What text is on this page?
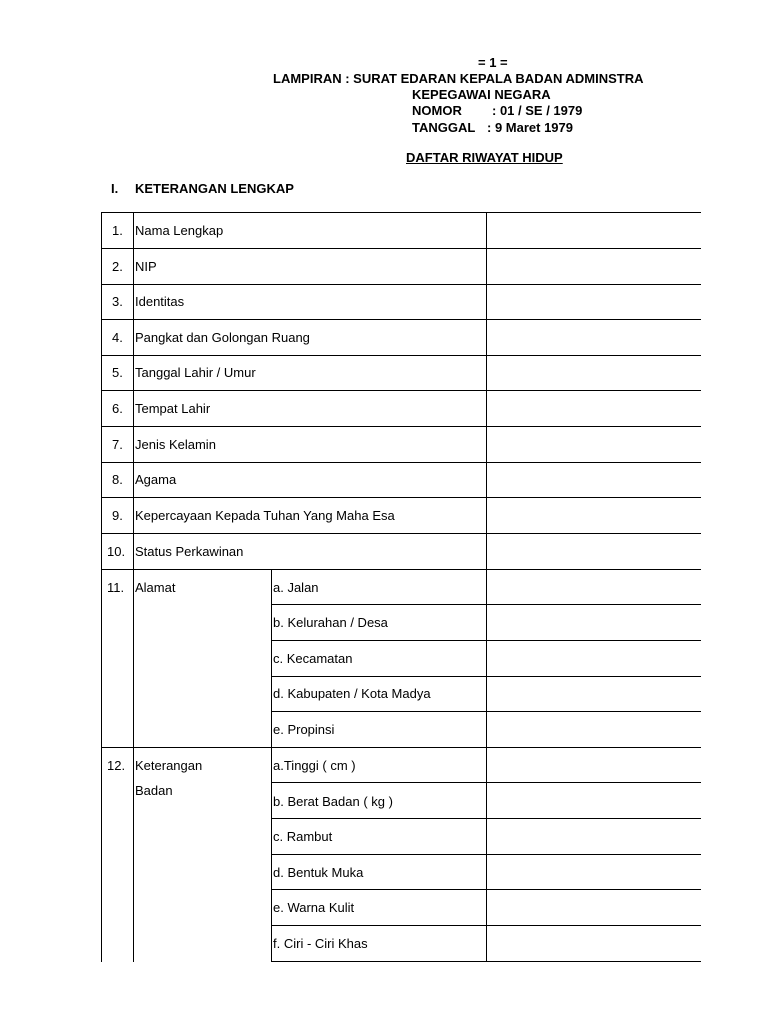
= 1 =
LAMPIRAN : SURAT EDARAN KEPALA BADAN ADMINSTRA
KEPEGAWAI NEGARA
NOMOR : 01 / SE / 1979
TANGGAL : 9 Maret 1979
DAFTAR RIWAYAT HIDUP
I. KETERANGAN LENGKAP
1. Nama Lengkap
2. NIP
3. Identitas
4. Pangkat dan Golongan Ruang
5. Tanggal Lahir / Umur
6. Tempat Lahir
7. Jenis Kelamin
8. Agama
9. Kepercayaan Kepada Tuhan Yang Maha Esa
10. Status Perkawinan
11. Alamat	a. Jalan
b. Kelurahan / Desa
c. Kecamatan
d. Kabupaten / Kota Madya
e. Propinsi
12. Keterangan
Badan
a.Tinggi ( cm )
b. Berat Badan ( kg )
c. Rambut
d. Bentuk Muka
e. Warna Kulit
f. Ciri - Ciri Khas
